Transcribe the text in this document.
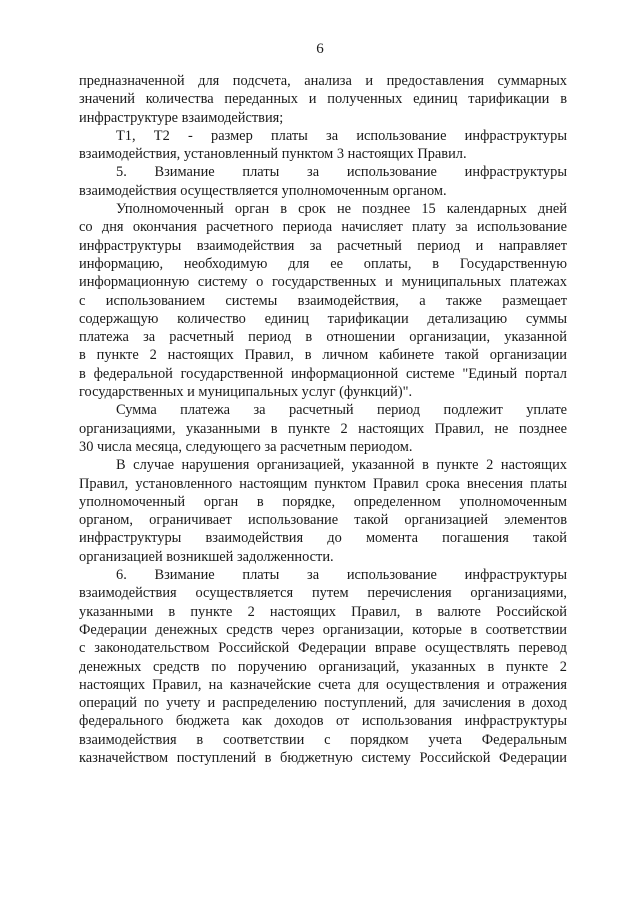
6
предназначенной для подсчета, анализа и предоставления суммарных
значений количества переданных и полученных единиц тарификации в
инфраструктуре взаимодействия;
Т1, Т2 - размер платы за использование инфраструктуры
взаимодействия, установленный пунктом 3 настоящих Правил.
5. Взимание платы за использование инфраструктуры
взаимодействия осуществляется уполномоченным органом.
Уполномоченный орган в срок не позднее 15 календарных дней
со дня окончания расчетного периода начисляет плату за использование
инфраструктуры взаимодействия за расчетный период и направляет
информацию, необходимую для ее оплаты, в Государственную
информационную систему о государственных и муниципальных платежах
с использованием системы взаимодействия, а также размещает
содержащую количество единиц тарификации детализацию суммы
платежа за расчетный период в отношении организации, указанной
в пункте 2 настоящих Правил, в личном кабинете такой организации
в федеральной государственной информационной системе "Единый портал
государственных и муниципальных услуг (функций)".
Сумма платежа за расчетный период подлежит уплате
организациями, указанными в пункте 2 настоящих Правил, не позднее
30 числа месяца, следующего за расчетным периодом.
В случае нарушения организацией, указанной в пункте 2 настоящих
Правил, установленного настоящим пунктом Правил срока внесения платы
уполномоченный орган в порядке, определенном уполномоченным
органом, ограничивает использование такой организацией элементов
инфраструктуры взаимодействия до момента погашения такой
организацией возникшей задолженности.
6. Взимание платы за использование инфраструктуры
взаимодействия осуществляется путем перечисления организациями,
указанными в пункте 2 настоящих Правил, в валюте Российской
Федерации денежных средств через организации, которые в соответствии
с законодательством Российской Федерации вправе осуществлять перевод
денежных средств по поручению организаций, указанных в пункте 2
настоящих Правил, на казначейские счета для осуществления и отражения
операций по учету и распределению поступлений, для зачисления в доход
федерального бюджета как доходов от использования инфраструктуры
взаимодействия в соответствии с порядком учета Федеральным
казначейством поступлений в бюджетную систему Российской Федерации
